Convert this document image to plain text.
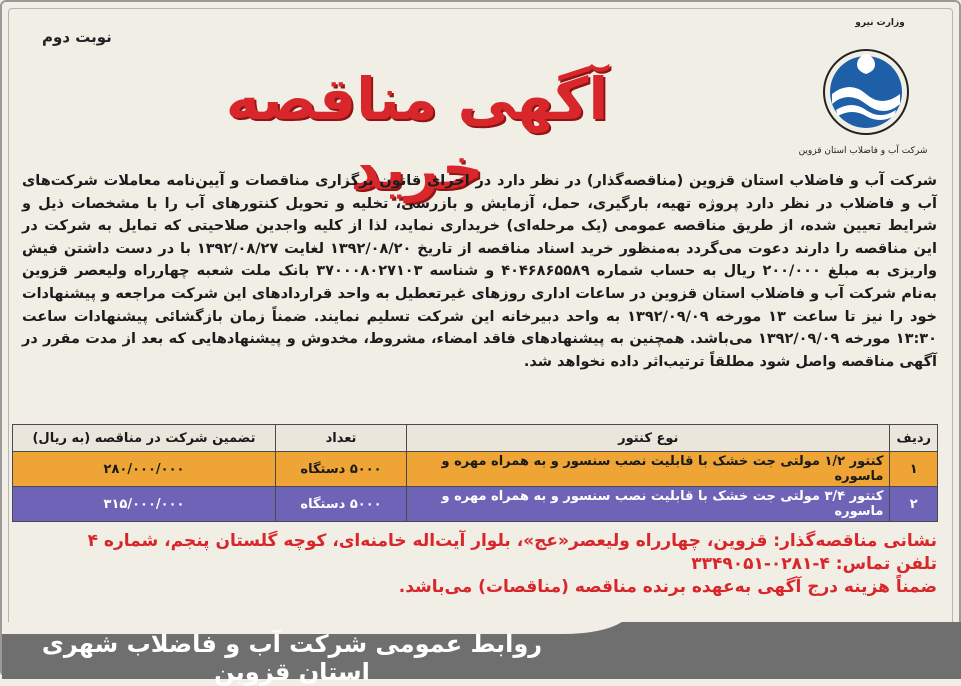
نوبت دوم
آگهی مناقصه خرید
وزارت نیرو
شرکت آب و فاضلاب استان قزوین
شرکت آب و فاضلاب استان قزوین (مناقصه‌گذار) در نظر دارد در اجرای قانون برگزاری مناقصات و آیین‌نامه معاملات شرکت‌های آب و فاضلاب در نظر دارد پروژه تهیه، بارگیری، حمل، آزمایش و بازرسی، تخلیه و تحویل کنتورهای آب را با مشخصات ذیل و شرایط تعیین شده، از طریق مناقصه عمومی (یک مرحله‌ای) خریداری نماید، لذا از کلیه واجدین صلاحیتی که تمایل به شرکت در این مناقصه را دارند دعوت می‌گردد به‌منظور خرید اسناد مناقصه از تاریخ ۱۳۹۲/۰۸/۲۰ لغایت ۱۳۹۲/۰۸/۲۷ با در دست داشتن فیش واریزی به مبلغ ۲۰۰/۰۰۰ ریال به حساب شماره ۴۰۴۶۸۶۵۵۸۹ و شناسه ۳۷۰۰۰۸۰۲۷۱۰۳ بانک ملت شعبه چهارراه ولیعصر قزوین به‌نام شرکت آب و فاضلاب استان قزوین در ساعات اداری روزهای غیرتعطیل به واحد قراردادهای این شرکت مراجعه و پیشنهادات خود را نیز تا ساعت ۱۳ مورخه ۱۳۹۲/۰۹/۰۹ به واحد دبیرخانه این شرکت تسلیم نمایند. ضمناً زمان بازگشائی پیشنهادات ساعت ۱۳:۳۰ مورخه ۱۳۹۲/۰۹/۰۹ می‌باشد. همچنین به پیشنهادهای فاقد امضاء، مشروط، مخدوش و پیشنهادهایی که بعد از مدت مقرر در آگهی مناقصه واصل شود مطلقاً ترتیب‌اثر داده نخواهد شد.
ردیف	نوع کنتور	تعداد	تضمین شرکت در مناقصه (به ریال)
۱	کنتور ۱/۲ مولتی جت خشک با قابلیت نصب سنسور و به همراه مهره و ماسوره	۵۰۰۰ دستگاه	۲۸۰/۰۰۰/۰۰۰
۲	کنتور ۳/۴ مولتی جت خشک با قابلیت نصب سنسور و به همراه مهره و ماسوره	۵۰۰۰ دستگاه	۳۱۵/۰۰۰/۰۰۰
نشانی مناقصه‌گذار: قزوین، چهارراه ولیعصر«عج»، بلوار آیت‌اله خامنه‌ای، کوچه گلستان پنجم، شماره ۴
تلفن تماس: ۴-۰۲۸۱-۳۳۴۹۰۵۱
ضمناً هزینه درج آگهی به‌عهده برنده مناقصه (مناقصات) می‌باشد.
روابط عمومی شرکت آب و فاضلاب شهری استان قزوین
